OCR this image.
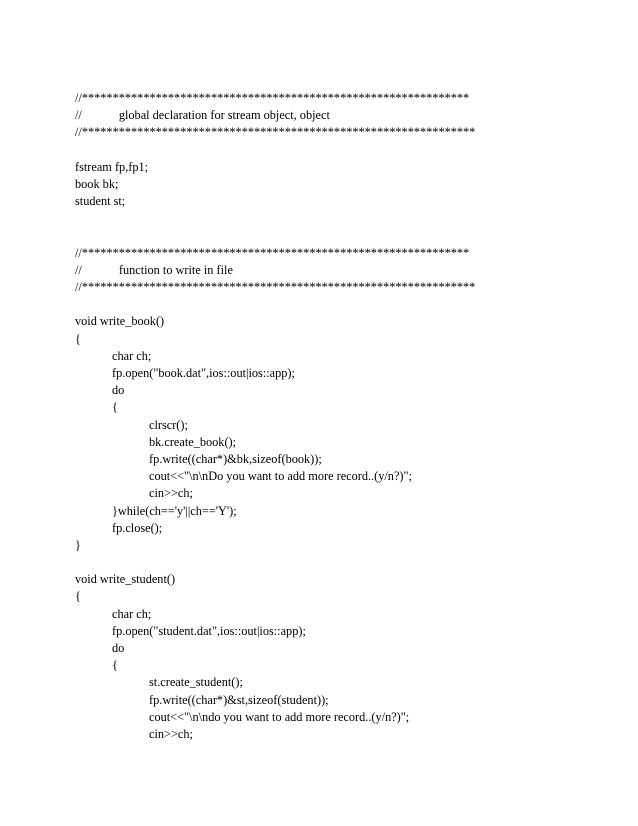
//***************************************************************
//	global declaration for stream object, object
//****************************************************************
fstream fp,fp1;
book bk;
student st;
//***************************************************************
//	function to write in file
//****************************************************************
void write_book()
{
char ch;
fp.open("book.dat",ios::out|ios::app);
do
{
clrscr();
bk.create_book();
fp.write((char*)&bk,sizeof(book));
cout<<"\n\nDo you want to add more record..(y/n?)";
cin>>ch;
}while(ch=='y'||ch=='Y');
fp.close();
}
void write_student()
{
char ch;
fp.open("student.dat",ios::out|ios::app);
do
{
st.create_student();
fp.write((char*)&st,sizeof(student));
cout<<"\n\ndo you want to add more record..(y/n?)";
cin>>ch;
